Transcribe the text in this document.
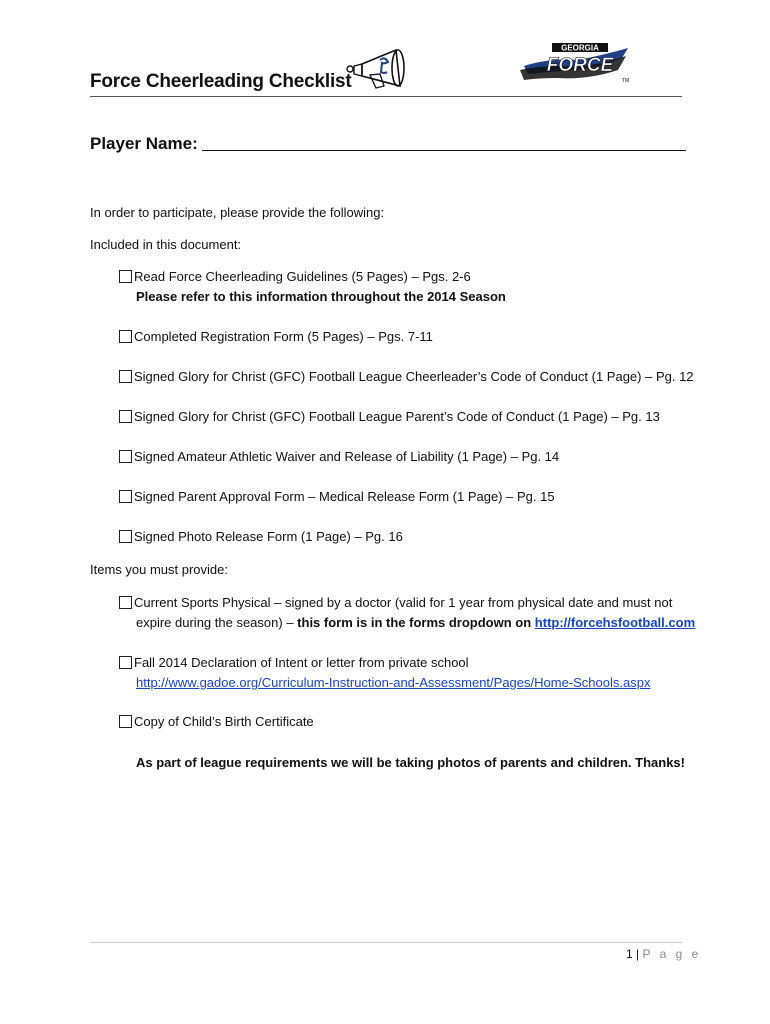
Force Cheerleading Checklist
GEORGIA
FORCE
TM
Player Name:
In order to participate, please provide the following:
Included in this document:
Read Force Cheerleading Guidelines (5 Pages) – Pgs. 2-6
Please refer to this information throughout the 2014 Season
Completed Registration Form (5 Pages) – Pgs. 7-11
Signed Glory for Christ (GFC) Football League Cheerleader’s Code of Conduct (1 Page) – Pg. 12
Signed Glory for Christ (GFC) Football League Parent’s Code of Conduct (1 Page) – Pg. 13
Signed Amateur Athletic Waiver and Release of Liability (1 Page) – Pg. 14
Signed Parent Approval Form – Medical Release Form (1 Page) – Pg. 15
Signed Photo Release Form (1 Page) – Pg. 16
Items you must provide:
Current Sports Physical – signed by a doctor (valid for 1 year from physical date and must not
expire during the season) – this form is in the forms dropdown on http://forcehsfootball.com
Fall 2014 Declaration of Intent or letter from private school
http://www.gadoe.org/Curriculum-Instruction-and-Assessment/Pages/Home-Schools.aspx
Copy of Child’s Birth Certificate
As part of league requirements we will be taking photos of parents and children. Thanks!
1 | P a g e
